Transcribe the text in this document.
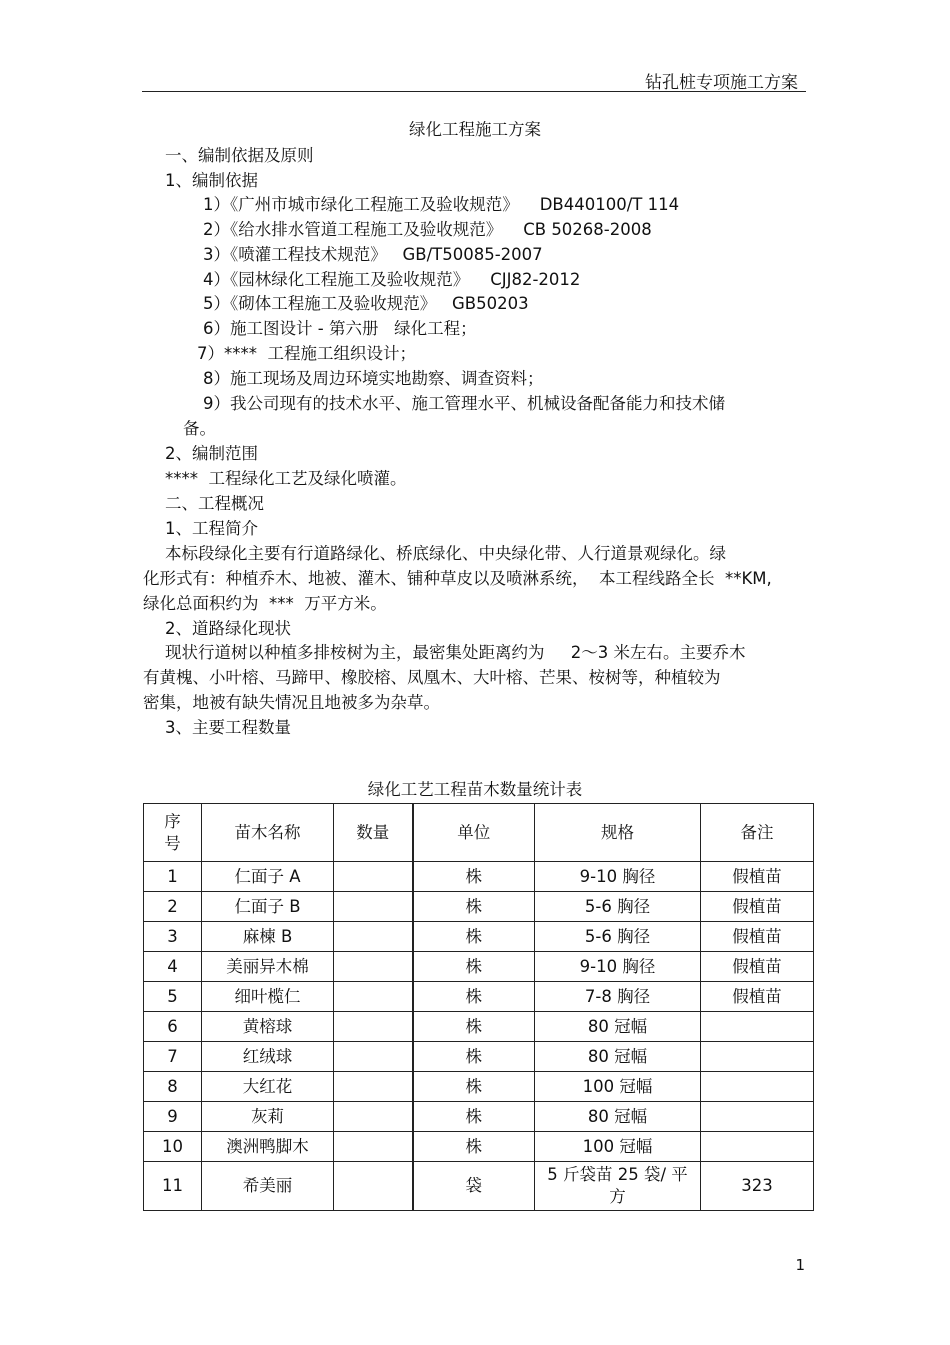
钻孔桩专项施工方案
绿化工程施工方案
一、编制依据及原则
1、编制依据
1）《广州市城市绿化工程施工及验收规范》    DB440100/T 114
2）《给水排水管道工程施工及验收规范》    CB 50268-2008
3）《喷灌工程技术规范》   GB/T50085-2007
4）《园林绿化工程施工及验收规范》    CJJ82-2012
5）《砌体工程施工及验收规范》   GB50203
6）施工图设计 - 第六册   绿化工程；
7）****  工程施工组织设计；
8）施工现场及周边环境实地勘察、调查资料；
9）我公司现有的技术水平、施工管理水平、机械设备配备能力和技术储
备。
2、编制范围
****  工程绿化工艺及绿化喷灌。
二、工程概况
1、工程简介
本标段绿化主要有行道路绿化、桥底绿化、中央绿化带、人行道景观绿化。绿
化形式有：种植乔木、地被、灌木、铺种草皮以及喷淋系统，  本工程线路全长  **KM,
绿化总面积约为  ***  万平方米。
2、道路绿化现状
现状行道树以种植多排桉树为主，最密集处距离约为     2～3 米左右。主要乔木
有黄槐、小叶榕、马蹄甲、橡胶榕、凤凰木、大叶榕、芒果、桉树等，种植较为
密集，地被有缺失情况且地被多为杂草。
3、主要工程数量
绿化工艺工程苗木数量统计表
序
号	苗木名称	数量	单位	规格	备注
1	仁面子 A		株	9-10 胸径	假植苗
2	仁面子 B		株	5-6 胸径	假植苗
3	麻楝 B		株	5-6 胸径	假植苗
4	美丽异木棉		株	9-10 胸径	假植苗
5	细叶榄仁		株	7-8 胸径	假植苗
6	黄榕球		株	80 冠幅	
7	红绒球		株	80 冠幅	
8	大红花		株	100 冠幅	
9	灰莉		株	80 冠幅	
10	澳洲鸭脚木		株	100 冠幅	
11	希美丽		袋	5 斤袋苗 25 袋/ 平
方	323
1
